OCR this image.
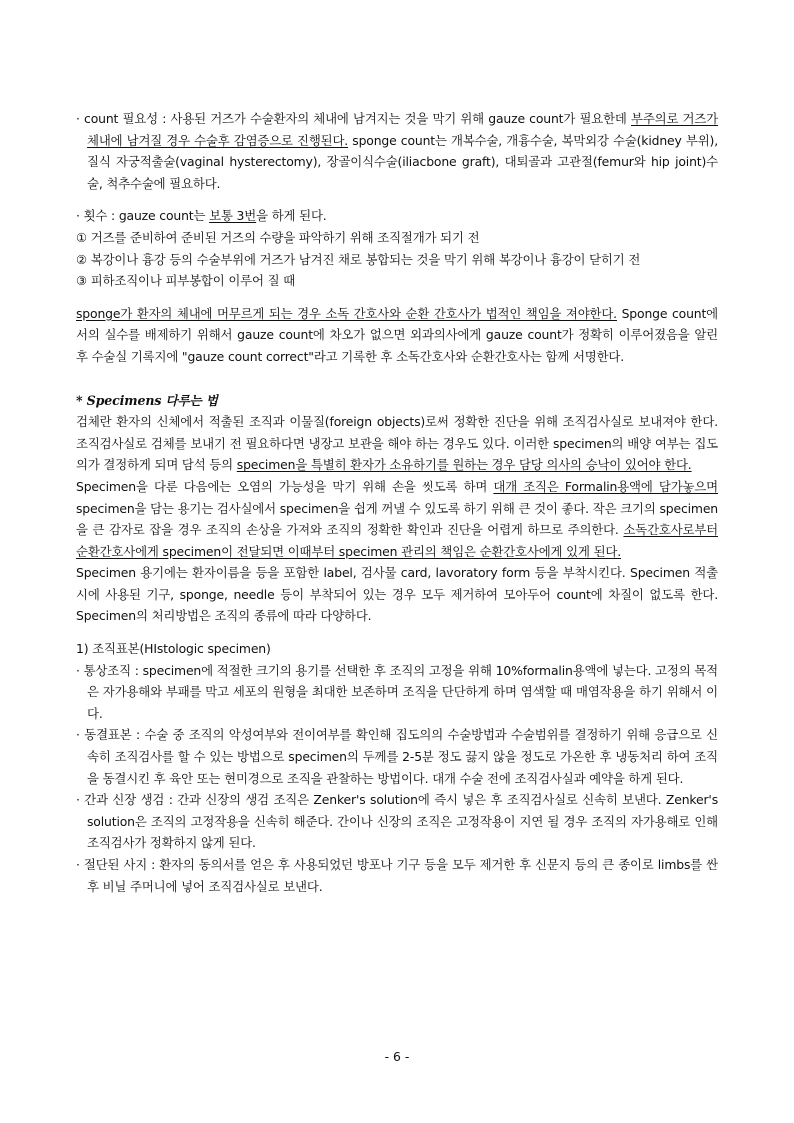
· count 필요성 : 사용된 거즈가 수술환자의 체내에 남겨지는 것을 막기 위해 gauze count가 필요한데 부주의로 거즈가 체내에 남겨질 경우 수술후 감염증으로 진행된다. sponge count는 개복수술, 개흉수술, 복막외강 수술(kidney 부위), 질식 자궁적출술(vaginal hysterectomy), 장골이식수술(iliacbone graft), 대퇴골과 고관절(femur와 hip joint)수술, 척추수술에 필요하다.

· 횟수 : gauze count는 보통 3번을 하게 된다.

① 거즈를 준비하여 준비된 거즈의 수량을 파악하기 위해 조직절개가 되기 전

② 복강이나 흉강 등의 수술부위에 거즈가 남겨진 채로 봉합되는 것을 막기 위해 복강이나 흉강이 닫히기 전

③ 피하조직이나 피부봉합이 이루어 질 때

sponge가 환자의 체내에 머무르게 되는 경우 소독 간호사와 순환 간호사가 법적인 책임을 져야한다. Sponge count에서의 실수를 배제하기 위해서 gauze count에 차오가 없으면 외과의사에게 gauze count가 정확히 이루어졌음을 알린 후 수술실 기록지에 "gauze count correct"라고 기록한 후 소독간호사와 순환간호사는 함께 서명한다.

* Specimens 다루는 법

검체란 환자의 신체에서 적출된 조직과 이물질(foreign objects)로써 정확한 진단을 위해 조직검사실로 보내져야 한다. 조직검사실로 검체를 보내기 전 필요하다면 냉장고 보관을 해야 하는 경우도 있다. 이러한 specimen의 배양 여부는 집도의가 결정하게 되며 담석 등의 specimen을 특별히 환자가 소유하기를 원하는 경우 담당 의사의 승낙이 있어야 한다.

Specimen을 다룬 다음에는 오염의 가능성을 막기 위해 손을 씻도록 하며 대개 조직은 Formalin용액에 담가놓으며 specimen을 담는 용기는 검사실에서 specimen을 쉽게 꺼낼 수 있도록 하기 위해 큰 것이 좋다. 작은 크기의 specimen을 큰 감자로 잡을 경우 조직의 손상을 가져와 조직의 정확한 확인과 진단을 어렵게 하므로 주의한다. 소독간호사로부터 순환간호사에게 specimen이 전달되면 이때부터 specimen 관리의 책임은 순환간호사에게 있게 된다.

Specimen 용기에는 환자이름을 등을 포함한 label, 검사물 card, lavoratory form 등을 부착시킨다. Specimen 적출 시에 사용된 기구, sponge, needle 등이 부착되어 있는 경우 모두 제거하여 모아두어 count에 차질이 없도록 한다. Specimen의 처리방법은 조직의 종류에 따라 다양하다.

1) 조직표본(HIstologic specimen)

· 통상조직 : specimen에 적절한 크기의 용기를 선택한 후 조직의 고정을 위해 10%formalin용액에 넣는다. 고정의 목적은 자가용해와 부패를 막고 세포의 원형을 최대한 보존하며 조직을 단단하게 하며 염색할 때 매염작용을 하기 위해서 이다.

· 동결표본 : 수술 중 조직의 악성여부와 전이여부를 확인해 집도의의 수술방법과 수술범위를 결정하기 위해 응급으로 신속히 조직검사를 할 수 있는 방법으로 specimen의 두께를 2-5분 정도 끓지 않을 정도로 가온한 후 냉동처리 하여 조직을 동결시킨 후 육안 또는 현미경으로 조직을 관찰하는 방법이다. 대개 수술 전에 조직검사실과 예약을 하게 된다.

· 간과 신장 생검 : 간과 신장의 생검 조직은 Zenker's solution에 즉시 넣은 후 조직검사실로 신속히 보낸다. Zenker's solution은 조직의 고정작용을 신속히 해준다. 간이나 신장의 조직은 고정작용이 지연 될 경우 조직의 자가용해로 인해 조직검사가 정확하지 않게 된다.

· 절단된 사지 : 환자의 동의서를 얻은 후 사용되었던 방포나 기구 등을 모두 제거한 후 신문지 등의 큰 종이로 limbs를 싼 후 비닐 주머니에 넣어 조직검사실로 보낸다.

- 6 -
